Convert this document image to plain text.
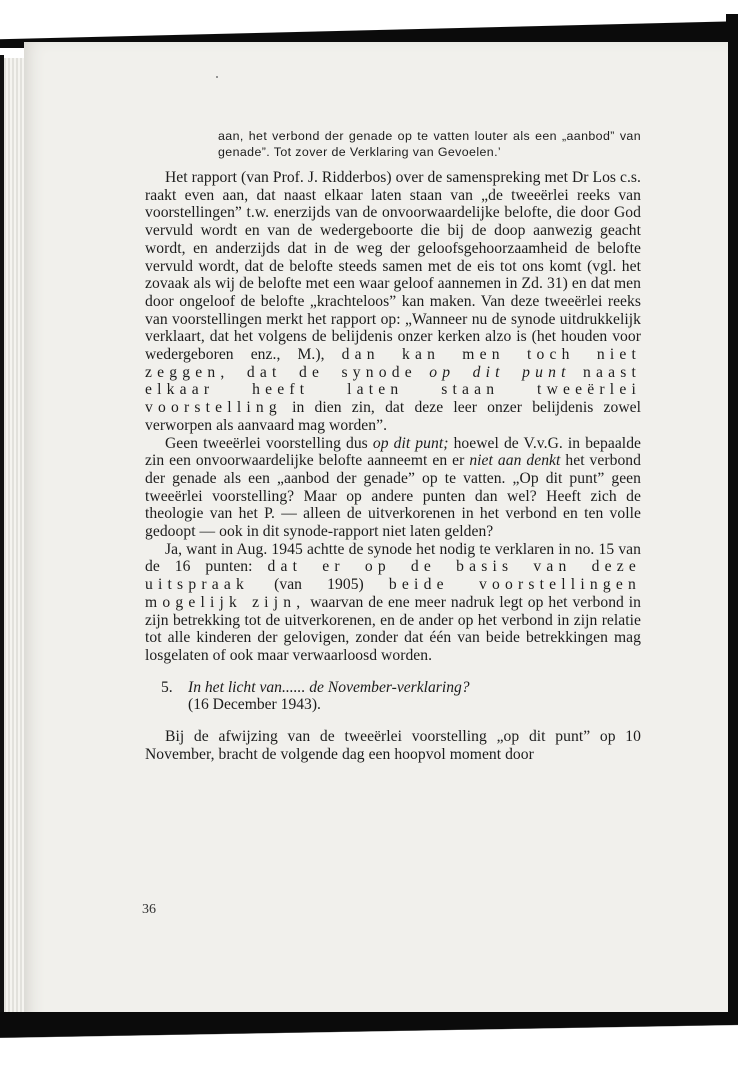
aan, het verbond der genade op te vatten louter als een „aanbod” van genade”. Tot zover de Verklaring van Gevoelen.’

Het rapport (van Prof. J. Ridderbos) over de samenspreking met Dr Los c.s. raakt even aan, dat naast elkaar laten staan van „de tweeërlei reeks van voorstellingen” t.w. enerzijds van de onvoorwaardelijke belofte, die door God vervuld wordt en van de wedergeboorte die bij de doop aanwezig geacht wordt, en anderzijds dat in de weg der geloofsgehoorzaamheid de belofte vervuld wordt, dat de belofte steeds samen met de eis tot ons komt (vgl. het zovaak als wij de belofte met een waar geloof aannemen in Zd. 31) en dat men door ongeloof de belofte „krachteloos” kan maken. Van deze tweeërlei reeks van voorstellingen merkt het rapport op: „Wanneer nu de synode uitdrukkelijk verklaart, dat het volgens de belijdenis onzer kerken alzo is (het houden voor wedergeboren enz., M.), dan kan men toch niet zeggen, dat de synode op dit punt naast elkaar heeft laten staan tweeërlei voorstelling in dien zin, dat deze leer onzer belijdenis zowel verworpen als aanvaard mag worden”.

Geen tweeërlei voorstelling dus op dit punt; hoewel de V.v.G. in bepaalde zin een onvoorwaardelijke belofte aanneemt en er niet aan denkt het verbond der genade als een „aanbod der genade” op te vatten. „Op dit punt” geen tweeërlei voorstelling? Maar op andere punten dan wel? Heeft zich de theologie van het P. — alleen de uitverkorenen in het verbond en ten volle gedoopt — ook in dit synode-rapport niet laten gelden?

Ja, want in Aug. 1945 achtte de synode het nodig te verklaren in no. 15 van de 16 punten: dat er op de basis van deze uitspraak (van 1905) beide voorstellingen mogelijk zijn, waarvan de ene meer nadruk legt op het verbond in zijn betrekking tot de uitverkorenen, en de ander op het verbond in zijn relatie tot alle kinderen der gelovigen, zonder dat één van beide betrekkingen mag losgelaten of ook maar verwaarloosd worden.

5. In het licht van...... de November-verklaring?
(16 December 1943).

Bij de afwijzing van de tweeërlei voorstelling „op dit punt” op 10 November, bracht de volgende dag een hoopvol moment door

36
